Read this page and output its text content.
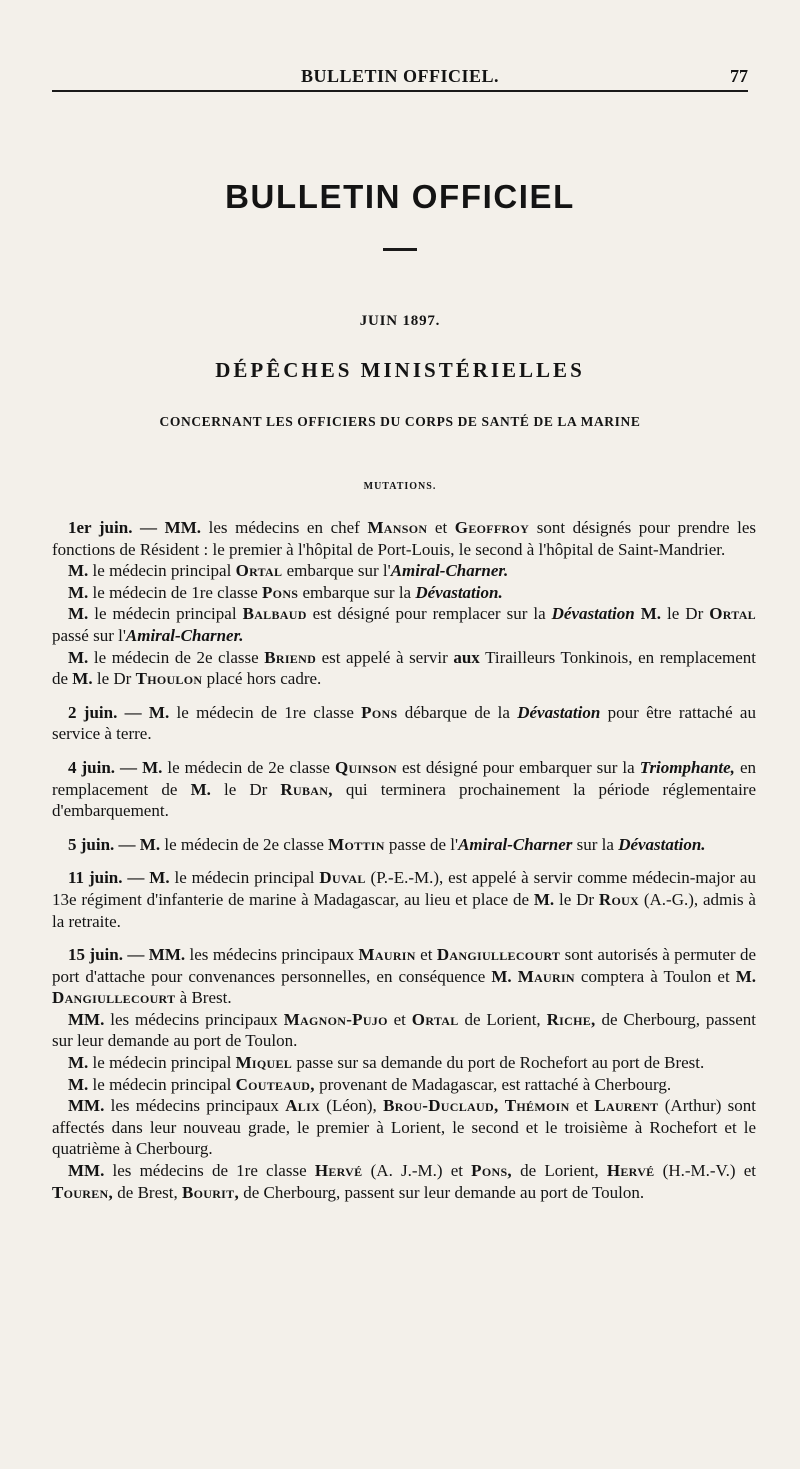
BULLETIN OFFICIEL.	77
BULLETIN OFFICIEL
JUIN 1897.
DÉPÊCHES MINISTÉRIELLES
CONCERNANT LES OFFICIERS DU CORPS DE SANTÉ DE LA MARINE
MUTATIONS.

1er juin. — MM. les médecins en chef Manson et Geoffroy sont désignés pour prendre les fonctions de Résident : le premier à l'hôpital de Port-Louis, le second à l'hôpital de Saint-Mandrier.

M. le médecin principal Ortal embarque sur l'Amiral-Charner.

M. le médecin de 1re classe Pons embarque sur la Dévastation.

M. le médecin principal Balbaud est désigné pour remplacer sur la Dévastation M. le Dr Ortal passé sur l'Amiral-Charner.

M. le médecin de 2e classe Briend est appelé à servir aux Tirailleurs Tonkinois, en remplacement de M. le Dr Thoulon placé hors cadre.

2 juin. — M. le médecin de 1re classe Pons débarque de la Dévastation pour être rattaché au service à terre.

4 juin. — M. le médecin de 2e classe Quinson est désigné pour embarquer sur la Triomphante, en remplacement de M. le Dr Ruban, qui terminera prochainement la période réglementaire d'embarquement.

5 juin. — M. le médecin de 2e classe Mottin passe de l'Amiral-Charner sur la Dévastation.

11 juin. — M. le médecin principal Duval (P.-E.-M.), est appelé à servir comme médecin-major au 13e régiment d'infanterie de marine à Madagascar, au lieu et place de M. le Dr Roux (A.-G.), admis à la retraite.

15 juin. — MM. les médecins principaux Maurin et Dangiullecourt sont autorisés à permuter de port d'attache pour convenances personnelles, en conséquence M. Maurin comptera à Toulon et M. Dangiullecourt à Brest.

MM. les médecins principaux Magnon-Pujo et Ortal de Lorient, Riche, de Cherbourg, passent sur leur demande au port de Toulon.

M. le médecin principal Miquel passe sur sa demande du port de Rochefort au port de Brest.

M. le médecin principal Couteaud, provenant de Madagascar, est rattaché à Cherbourg.

MM. les médecins principaux Alix (Léon), Brou-Duclaud, Thémoin et Laurent (Arthur) sont affectés dans leur nouveau grade, le premier à Lorient, le second et le troisième à Rochefort et le quatrième à Cherbourg.

MM. les médecins de 1re classe Hervé (A. J.-M.) et Pons, de Lorient, Hervé (H.-M.-V.) et Touren, de Brest, Bourit, de Cherbourg, passent sur leur demande au port de Toulon.
